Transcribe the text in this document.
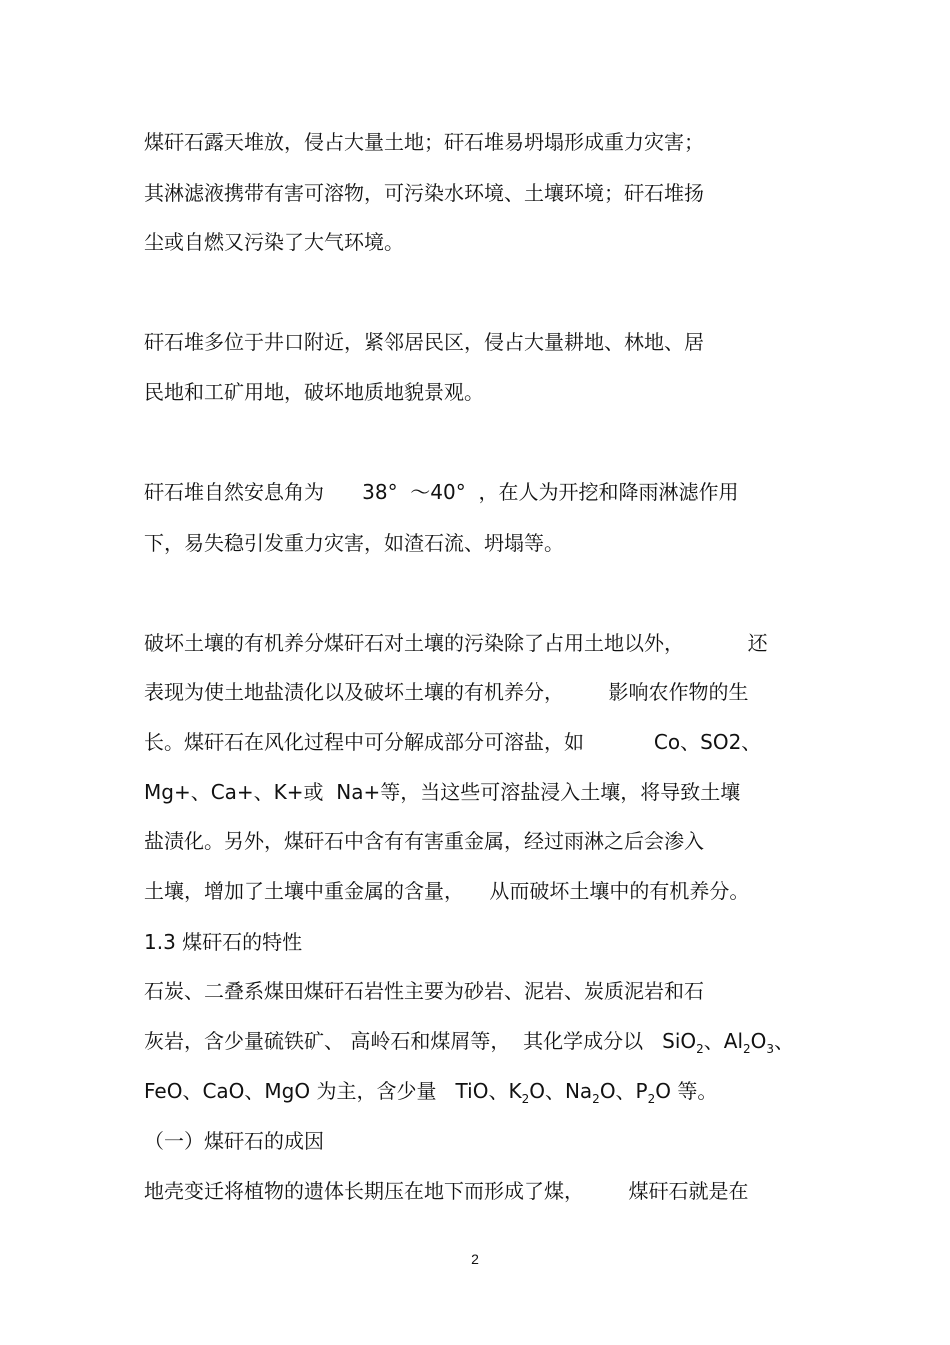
煤矸石露天堆放，侵占大量土地；矸石堆易坍塌形成重力灾害；
其淋滤液携带有害可溶物，可污染水环境、土壤环境；矸石堆扬
尘或自燃又污染了大气环境。
矸石堆多位于井口附近，紧邻居民区，侵占大量耕地、林地、居
民地和工矿用地，破坏地质地貌景观。
矸石堆自然安息角为      38°  ～40°  ，在人为开挖和降雨淋滤作用
下，易失稳引发重力灾害，如渣石流、坍塌等。
破坏土壤的有机养分煤矸石对土壤的污染除了占用土地以外，          还
表现为使土地盐渍化以及破坏土壤的有机养分，       影响农作物的生
长。煤矸石在风化过程中可分解成部分可溶盐，如           Co、SO2、
Mg+、Ca+、K+或  Na+等，当这些可溶盐浸入土壤，将导致土壤
盐渍化。另外，煤矸石中含有有害重金属，经过雨淋之后会渗入
土壤，增加了土壤中重金属的含量，    从而破坏土壤中的有机养分。
1.3 煤矸石的特性
石炭、二叠系煤田煤矸石岩性主要为砂岩、泥岩、炭质泥岩和石
灰岩，含少量硫铁矿、 高岭石和煤屑等，  其化学成分以   SiO$_2$、$Al_2O_3$、
FeO、CaO、MgO 为主，含少量   TiO、$K_2O$、$Na_2O$、$P_2O$ 等。
（一）煤矸石的成因
地壳变迁将植物的遗体长期压在地下而形成了煤，       煤矸石就是在
2
